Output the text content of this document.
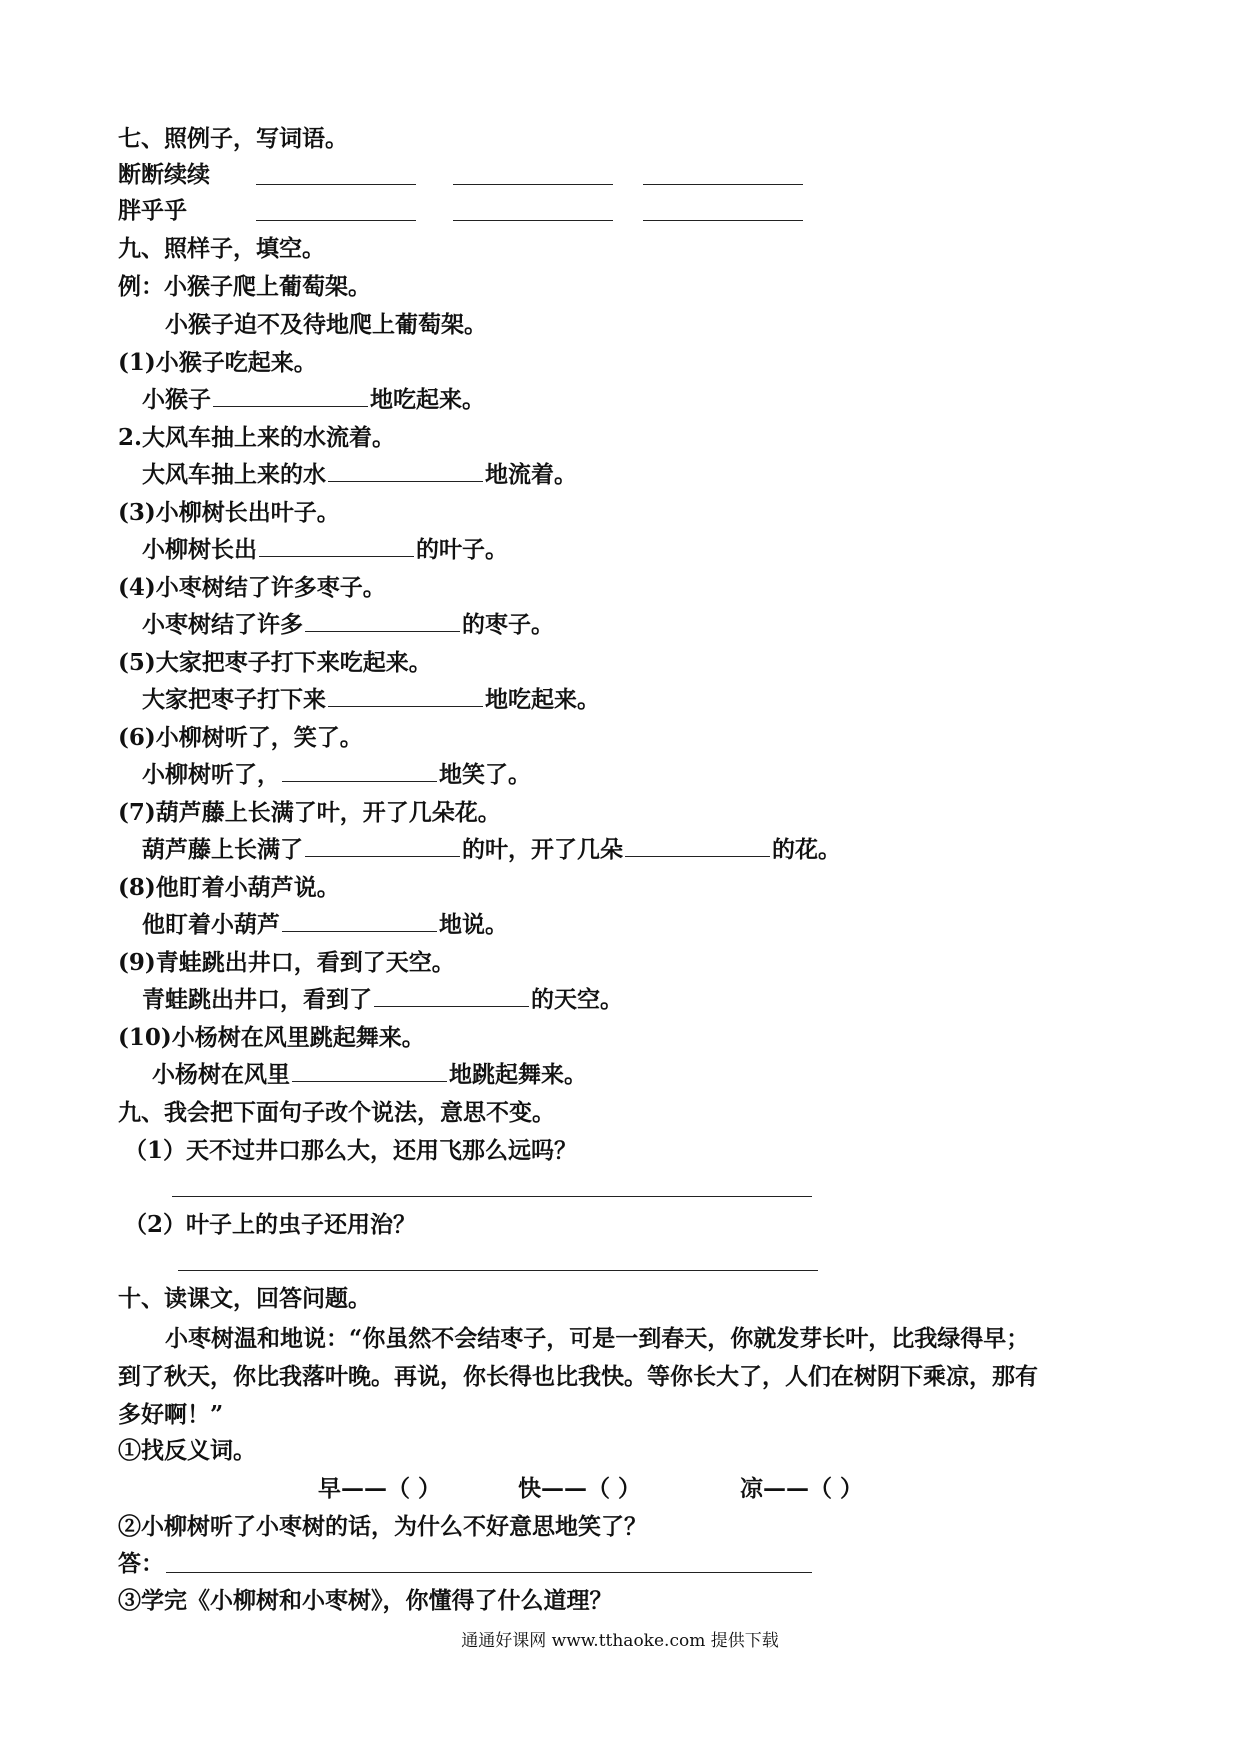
七、照例子，写词语。
断断续续
胖乎乎
九、照样子，填空。
例：小猴子爬上葡萄架。
小猴子迫不及待地爬上葡萄架。
(1)小猴子吃起来。
小猴子	地吃起来。
2.大风车抽上来的水流着。
大风车抽上来的水	地流着。
(3)小柳树长出叶子。
小柳树长出	的叶子。
(4)小枣树结了许多枣子。
小枣树结了许多	的枣子。
(5)大家把枣子打下来吃起来。
大家把枣子打下来	地吃起来。
(6)小柳树听了，笑了。
小柳树听了，	地笑了。
(7)葫芦藤上长满了叶，开了几朵花。
葫芦藤上长满了	的叶，开了几朵	的花。
(8)他盯着小葫芦说。
他盯着小葫芦	地说。
(9)青蛙跳出井口，看到了天空。
青蛙跳出井口，看到了	的天空。
(10)小杨树在风里跳起舞来。
小杨树在风里	地跳起舞来。
九、我会把下面句子改个说法，意思不变。
（1）天不过井口那么大，还用飞那么远吗？
（2）叶子上的虫子还用治？
十、读课文，回答问题。
小枣树温和地说：“你虽然不会结枣子，可是一到春天，你就发芽长叶，比我绿得早；
到了秋天，你比我落叶晚。再说，你长得也比我快。等你长大了，人们在树阴下乘凉，那有
多好啊！”
①找反义词。
早——（ ）	快——（ ）	凉——（ ）
②小柳树听了小枣树的话，为什么不好意思地笑了？
答：
③学完《小柳树和小枣树》，你懂得了什么道理？
通通好课网 www.tthaoke.com 提供下载
